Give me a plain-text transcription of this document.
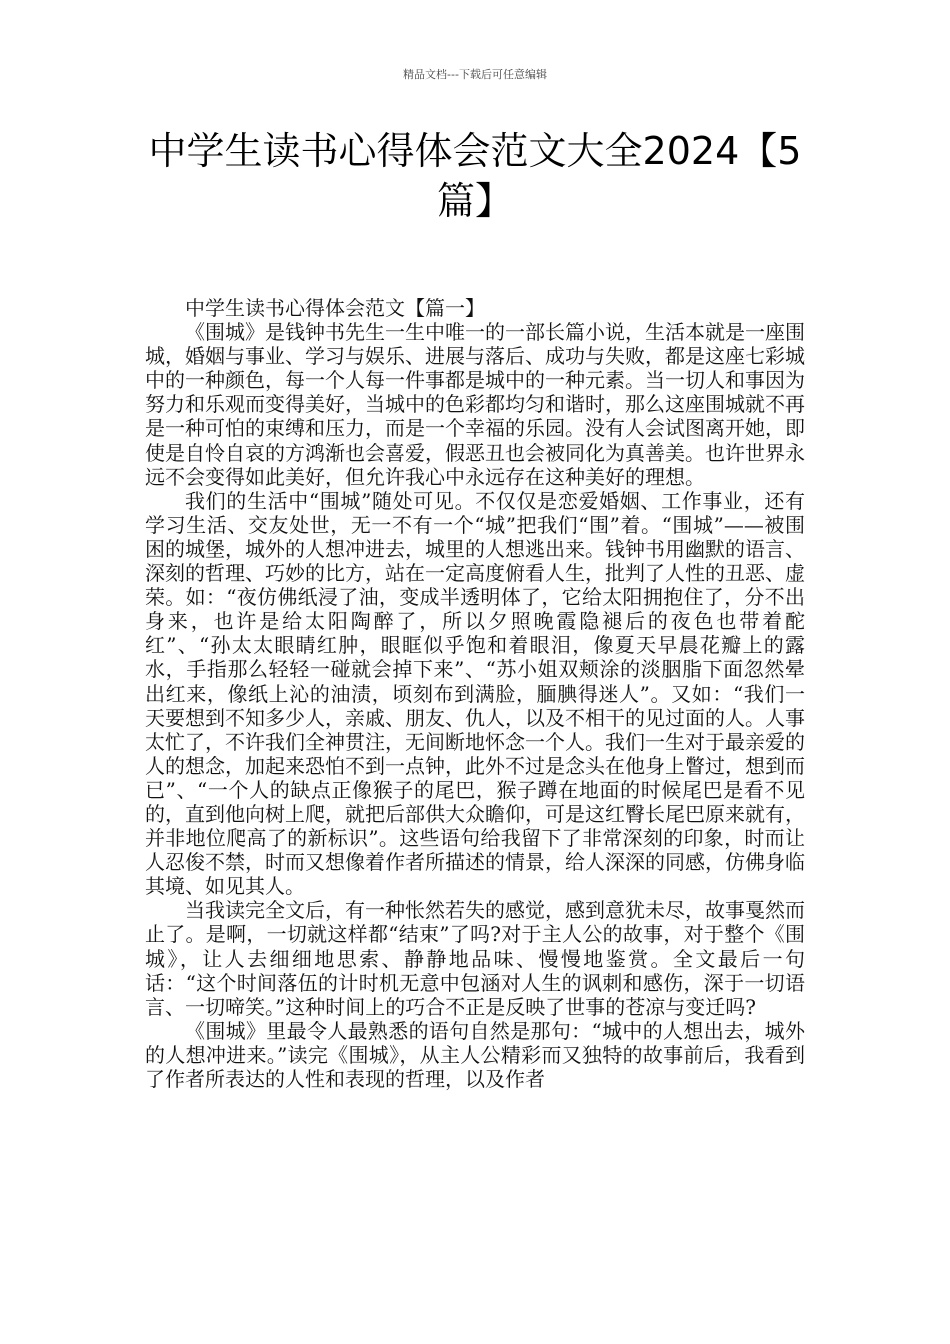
精品文档---下载后可任意编辑
中学生读书心得体会范文大全2024【5篇】
中学生读书心得体会范文【篇一】

《围城》是钱钟书先生一生中唯一的一部长篇小说，生活本就是一座围城，婚姻与事业、学习与娱乐、进展与落后、成功与失败，都是这座七彩城中的一种颜色，每一个人每一件事都是城中的一种元素。当一切人和事因为努力和乐观而变得美好，当城中的色彩都均匀和谐时，那么这座围城就不再是一种可怕的束缚和压力，而是一个幸福的乐园。没有人会试图离开她，即使是自怜自哀的方鸿渐也会喜爱，假恶丑也会被同化为真善美。也许世界永远不会变得如此美好，但允许我心中永远存在这种美好的理想。

我们的生活中“围城”随处可见。不仅仅是恋爱婚姻、工作事业，还有学习生活、交友处世，无一不有一个“城”把我们“围”着。“围城”——被围困的城堡，城外的人想冲进去，城里的人想逃出来。钱钟书用幽默的语言、深刻的哲理、巧妙的比方，站在一定高度俯看人生，批判了人性的丑恶、虚荣。如：“夜仿佛纸浸了油，变成半透明体了，它给太阳拥抱住了，分不出身来，也许是给太阳陶醉了，所以夕照晚霞隐褪后的夜色也带着酡红”、“孙太太眼睛红肿，眼眶似乎饱和着眼泪，像夏天早晨花瓣上的露水，手指那么轻轻一碰就会掉下来”、“苏小姐双颊涂的淡胭脂下面忽然晕出红来，像纸上沁的油渍，顷刻布到满脸，腼腆得迷人”。又如：“我们一天要想到不知多少人，亲戚、朋友、仇人，以及不相干的见过面的人。人事太忙了，不许我们全神贯注，无间断地怀念一个人。我们一生对于最亲爱的人的想念，加起来恐怕不到一点钟，此外不过是念头在他身上瞥过，想到而已”、“一个人的缺点正像猴子的尾巴，猴子蹲在地面的时候尾巴是看不见的，直到他向树上爬，就把后部供大众瞻仰，可是这红臀长尾巴原来就有，并非地位爬高了的新标识”。这些语句给我留下了非常深刻的印象，时而让人忍俊不禁，时而又想像着作者所描述的情景，给人深深的同感，仿佛身临其境、如见其人。

当我读完全文后，有一种怅然若失的感觉，感到意犹未尽，故事戛然而止了。是啊，一切就这样都“结束”了吗?对于主人公的故事，对于整个《围城》，让人去细细地思索、静静地品味、慢慢地鉴赏。全文最后一句话：“这个时间落伍的计时机无意中包涵对人生的讽刺和感伤，深于一切语言、一切啼笑。”这种时间上的巧合不正是反映了世事的苍凉与变迁吗?

《围城》里最令人最熟悉的语句自然是那句：“城中的人想出去，城外的人想冲进来。”读完《围城》，从主人公精彩而又独特的故事前后，我看到了作者所表达的人性和表现的哲理，以及作者
